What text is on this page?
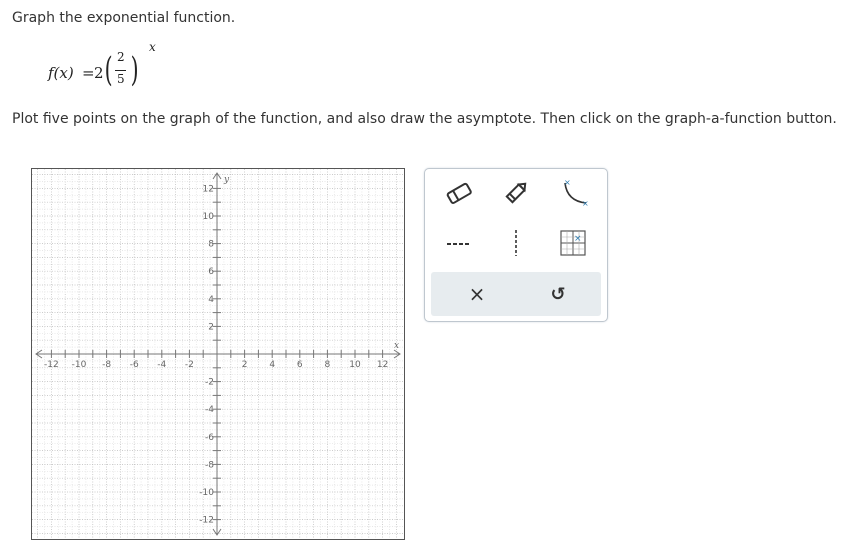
Graph the exponential function.
f(x) = 2 ( 2
5 )
x
Plot five points on the graph of the function, and also draw the asymptote. Then click on the graph-a-function button.
-12 -10 -8 -6 -4 -2	2 4 6 8 10 12
12
10
8
6
4
2
-2
-4
-6
-8
-10
-12
x
y	×
×
×
×	↺
